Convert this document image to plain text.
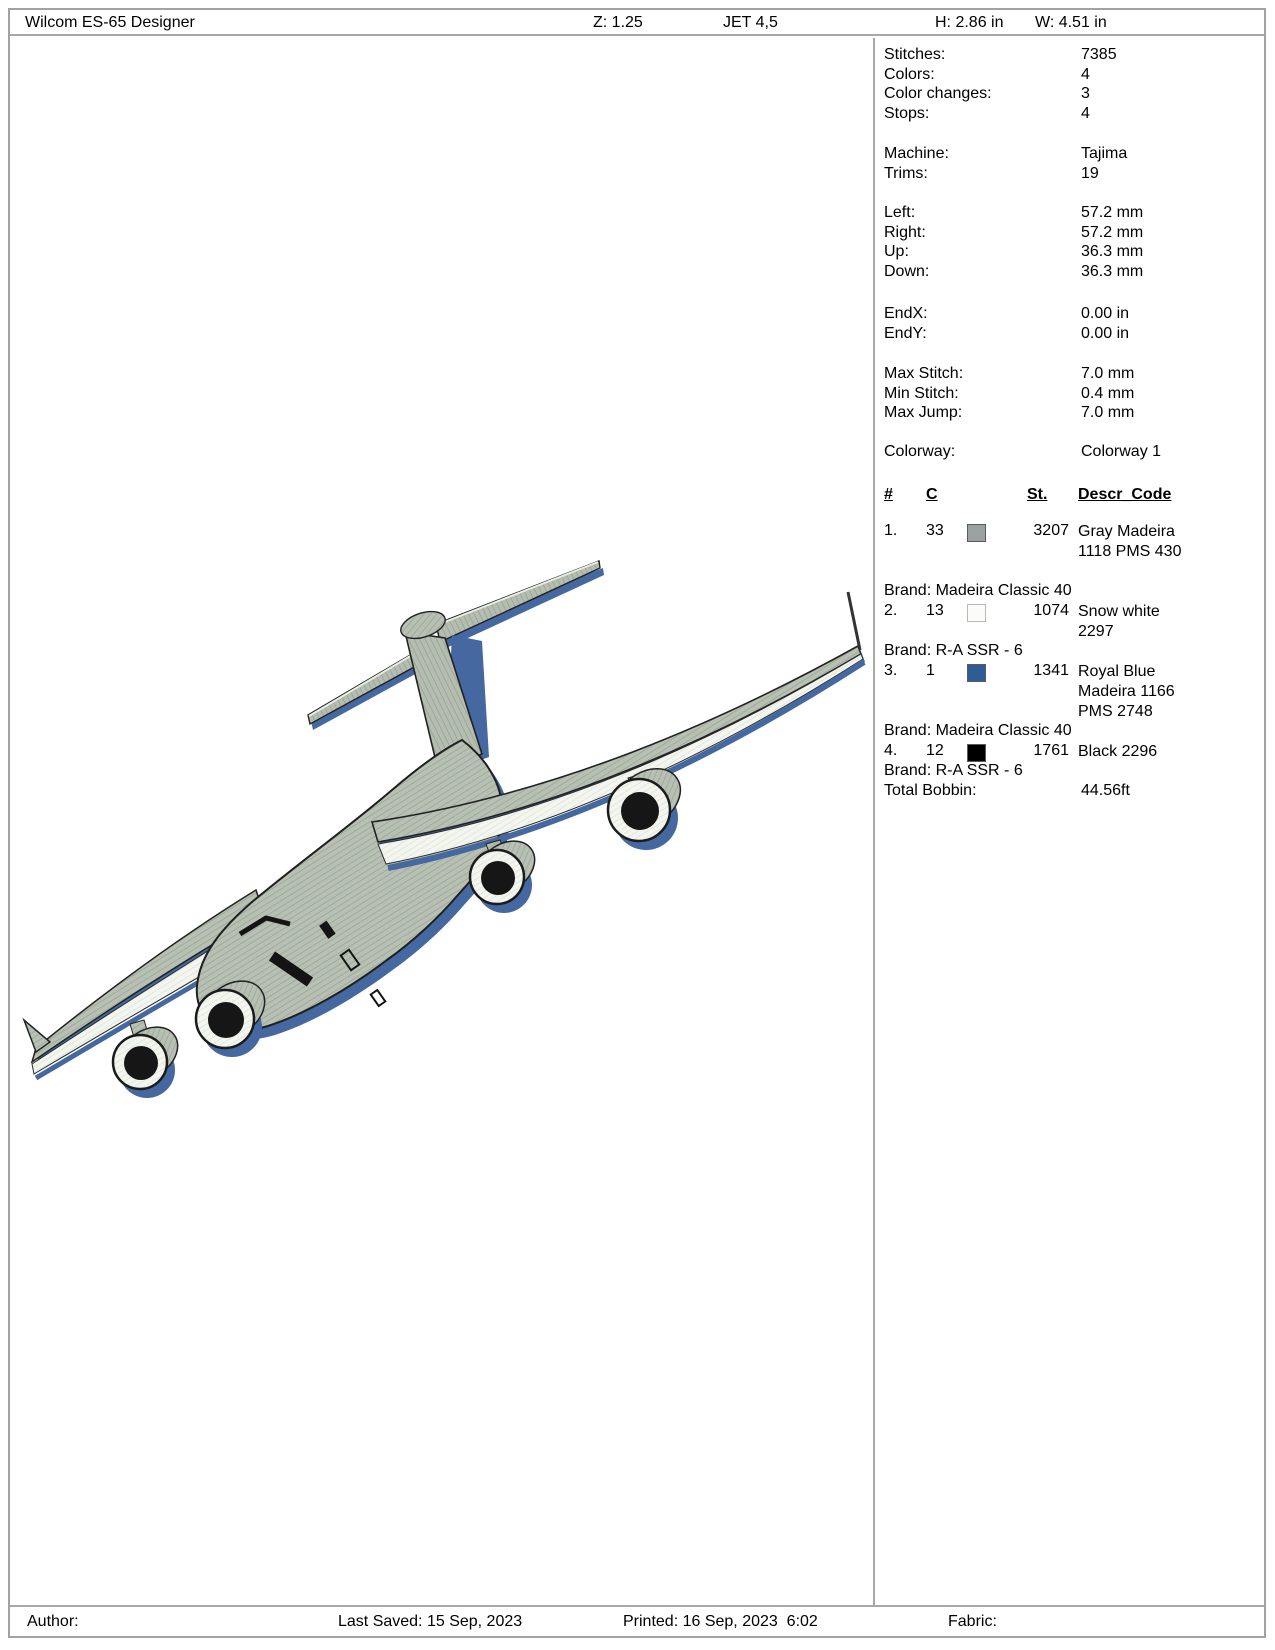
Wilcom ES-65 Designer	Z: 1.25	JET 4,5	H: 2.86 in W: 4.51 in
Stitches:	7385
Colors:	4
Color changes:	3
Stops:	4
Machine:	Tajima
Trims:	19
Left:	57.2 mm
Right:	57.2 mm
Up:	36.3 mm
Down:	36.3 mm
EndX:	0.00 in
EndY:	0.00 in
Max Stitch:	7.0 mm
Min Stitch:	0.4 mm
Max Jump:	7.0 mm
Colorway:	Colorway 1
# C	St. Descr_Code
1. 33	3207 Gray Madeira 1118 PMS 430
Brand: Madeira Classic 40
2. 13	1074 Snow white 2297
Brand: R-A SSR - 6
3. 1	1341 Royal Blue Madeira 1166 PMS 2748
Brand: Madeira Classic 40
4. 12	1761 Black 2296
Brand: R-A SSR - 6
Total Bobbin:	44.56ft
Author:	Last Saved: 15 Sep, 2023	Printed: 16 Sep, 2023  6:02	Fabric:
